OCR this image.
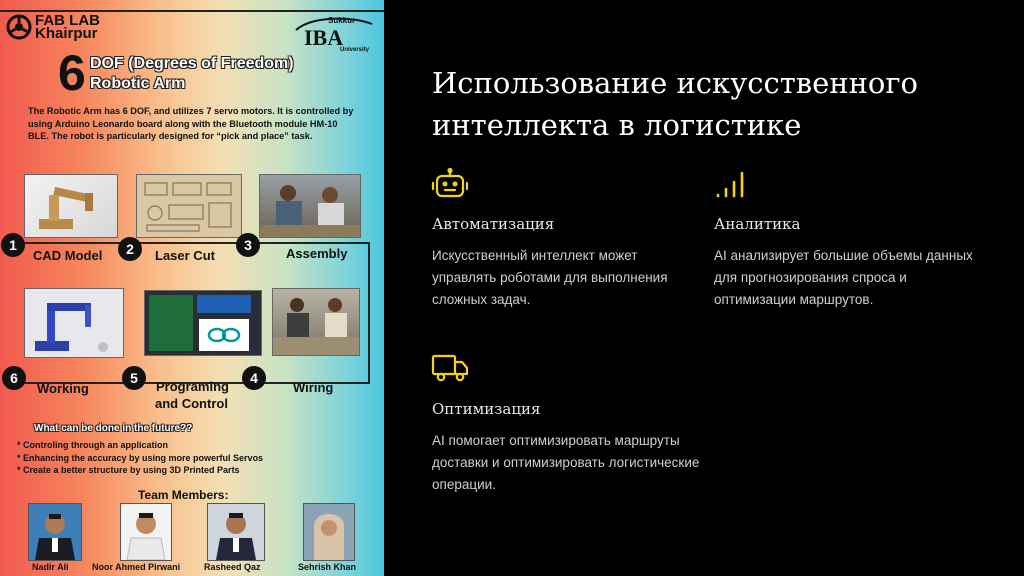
FAB LAB
Khairpur
Sukkur
IBA
University
6 DOF (Degrees of Freedom)
Robotic Arm
The Robotic Arm has 6 DOF, and utilizes 7 servo motors. It is controlled by using Arduino Leonardo board along with the Bluetooth module HM-10 BLE. The robot is particularly designed for “pick and place” task.
1
CAD Model	2	Laser Cut
3
Assembly
4
Wiring
5
Programing
and Control
6
Working
What can be done in the future??
* Controling through an application
* Enhancing the accuracy by using more powerful Servos
* Create a better structure by using 3D Printed Parts
Team Members:
Nadir Ali	Noor Ahmed Pirwani	Rasheed Qaz	Sehrish Khan
Использование искусственного интеллекта в логистике
Автоматизация
Искусственный интеллект может управлять роботами для выполнения сложных задач.
Аналитика
AI анализирует большие объемы данных для прогнозирования спроса и оптимизации маршрутов.
Оптимизация
AI помогает оптимизировать маршруты доставки и оптимизировать логистические операции.
